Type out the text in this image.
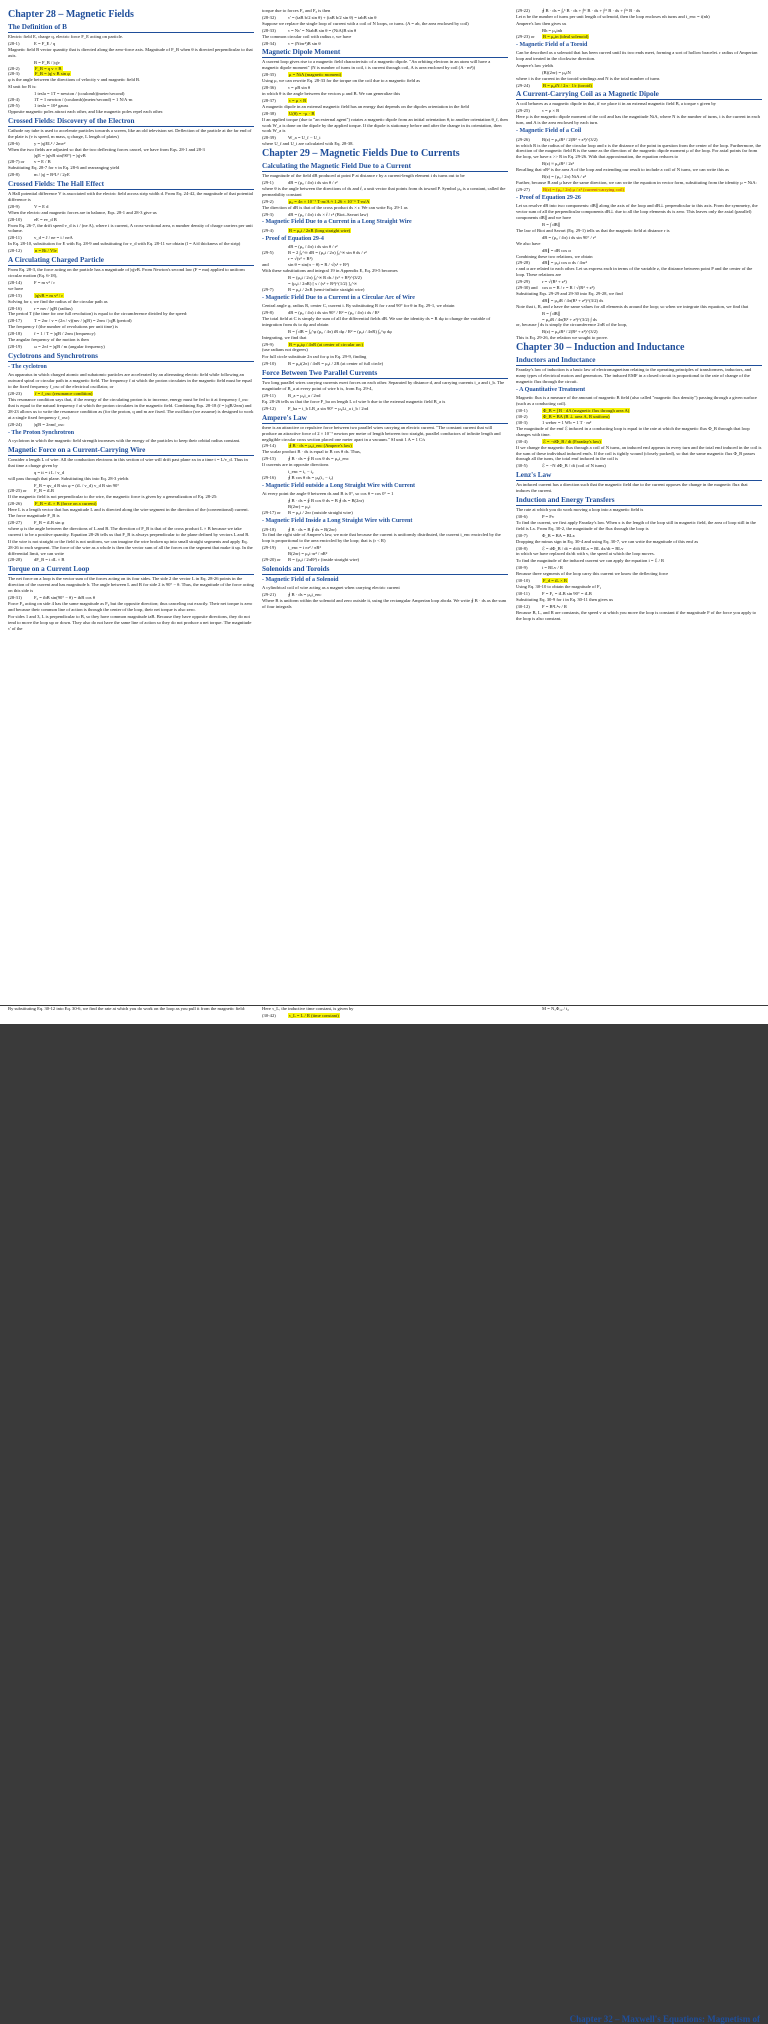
Chapter 28 – Magnetic Fields
The Definition of B
Electric field E, charge q, electric force F_E acting on particle.
(28-1)	E = F_E / q
Magnetic field B vector quantity that is directed along the zero-force axis. Magnitude of F_B when θ is directed perpendicular to that axis.
B = F_B / |q|v
(28-2)	F_B = q v × B
(28-3)	F_B = |q| v B sin φ
φ is the angle between the directions of velocity v and magnetic field B.
SI unit for B is:
1 tesla = 1T = newton / (coulomb)(meter/second)
(28-4)	1T = 1 newton / (coulomb)(meter/second) = 1 N/A·m
(28-5)	1 tesla = 10⁴ gauss
Opposite magnetic poles attract each other, and like magnetic poles repel each other.
Crossed Fields: Discovery of the Electron
Cathode ray tube is used to accelerate particles towards a screen, like an old television set. Deflection of the particle at the far end of the plate is (v is speed, m mass, q charge, L length of plates)
(28-6)	y = |q|EL² / 2mv²
When the two fields are adjusted so that the two deflecting forces cancel, we have from Eqs. 28-1 and 28-3
|q|E = |q|vB sin(90°) = |q|vB
(28-7) or	v = E / B
Substituting Eq. 28-7 for v in Eq. 28-6 and rearranging yield
(28-8)	m / |q| = B²L² / 2yE
Crossed Fields: The Hall Effect
A Hall potential difference V is associated with the electric field across strip width d. From Eq. 24-42, the magnitude of that potential difference is
(28-9)	V = E d
When the electric and magnetic forces are in balance, Eqs. 28-1 and 28-3 give us
(28-10)	eE = ev_d B
From Eq. 26-7, the drift speed v_d is i / (ne A), where i is current, A cross-sectional area, n number density of charge carriers per unit volume.
(28-11)	v_d = J / ne = i / neA
In Eq. 28-10, substitution for E with Eq. 28-9 and substituting for v_d with Eq. 28-11 we obtain (l = A/d thickness of the strip)
(28-12)	n = Bi / Vle
A Circulating Charged Particle
From Eq. 28-3, the force acting on the particle has a magnitude of |q|vB. From Newton's second law (F = ma) applied to uniform circular motion (Eq. 6-18),
(28-14)	F = m v² / r
we have
(28-15)	|q|vB = m v² / r
Solving for r, we find the radius of the circular path as
(28-16)	r = mv / |q|B (radius)
The period T (the time for one full revolution) is equal to the circumference divided by the speed:
(28-17)	T = 2πr / v = (2π / v)(mv / |q|B) = 2πm / |q|B (period)
The frequency f (the number of revolutions per unit time) is
(28-18)	f = 1 / T = |q|B / 2πm (frequency)
The angular frequency of the motion is then
(28-19)	ω = 2πf = |q|B / m (angular frequency)
Cyclotrons and Synchrotrons
- The cyclotron
An apparatus in which charged atomic and subatomic particles are accelerated by an alternating electric field while following an outward spiral or circular path in a magnetic field. The frequency f at which the proton circulates in the magnetic field must be equal to the fixed frequency f_osc of the electrical oscillator, or
(28-23)	f = f_osc (resonance condition)
This resonance condition says that, if the energy of the circulating proton is to increase, energy must be fed to it at frequency f_osc that is equal to the natural frequency f at which the proton circulates in the magnetic field. Combining Eqs. 28-18 (f = |q|B/2πm) and 28-23 allows us to write the resonance condition as (for the proton, q and m are fixed. The oscillator (we assume) is designed to work at a single fixed frequency f_osc)
(28-24)	|q|B = 2πmf_osc
- The Proton Synchrotron
A cyclotron in which the magnetic field strength increases with the energy of the particles to keep their orbital radius constant.
Magnetic Force on a Current-Carrying Wire
Consider a length L of wire. All the conduction electrons in this section of wire will drift past plane xx in a time t = L/v_d. Thus in that time a charge given by
q = it = i L / v_d
will pass through that plane. Substituting this into Eq. 28-3 yields
F_B = qv_d B sin φ = (iL / v_d) v_d B sin 90°
(28-25) or	F_B = iLB
If the magnetic field is not perpendicular to the wire, the magnetic force is given by a generalization of Eq. 28-25:
(28-26)	F_B = iL × B (force on a current)
Here L is a length vector that has magnitude L and is directed along the wire segment in the direction of the (conventional) current. The force magnitude F_B is
(28-27)	F_B = iLB sin φ
where φ is the angle between the directions of L and B. The direction of F_B is that of the cross product L × B because we take current i to be a positive quantity. Equation 28-26 tells us that F_B is always perpendicular to the plane defined by vectors L and B.
If the wire is not straight or the field is not uniform, we can imagine the wire broken up into small straight segments and apply Eq. 28-26 to each segment. The force of the wire as a whole is then the vector sum of all the forces on the segment that make it up. In the differential limit, we can write
(28-28)	dF_B = i dL × B
Torque on a Current Loop
The net force on a loop is the vector sum of the forces acting on its four sides. The side 2 the vector L in Eq. 28-26 points in the direction of the current and has magnitude b. The angle between L and B for side 2 is 90° − θ. Thus, the magnitude of the force acting on this side is
(28-31)	F₂ = ibB sin(90° − θ) = ibB cos θ
Force F₄ acting on side 4 has the same magnitude as F₂ but the opposite direction; thus canceling out exactly. Their net torque is zero and because their common line of action is through the center of the loop, their net torque is also zero.
For sides 1 and 3, L is perpendicular to B, so they have common magnitude iaB. Because they have opposite directions, they do not tend to move the loop up or down. They also do not have the same line of action so they do not produce a net torque. The magnitude τ' of the
torque due to forces F₁ and F₃ is then
(28-32)	τ' = (iaB b/2 sin θ) + (iaB b/2 sin θ) = iabB sin θ
Suppose we replace the single loop of current with a coil of N loops, or turns. (A = ab, the area enclosed by coil)
(28-33)	τ = Nτ' = NiabB sin θ = (NiA)B sin θ
The common circular coil with radius r, we have
(28-34)	τ = (Niπr²)B sin θ
Magnetic Dipole Moment
A current loop gives rise to a magnetic field characteristic of a magnetic dipole. "An orbiting electron in an atom will have a magnetic dipole moment" (N is number of turns in coil, i is current through coil, A is area enclosed by coil (A · m²))
(28-35)	μ = NiA (magnetic moment)
Using μ, we can rewrite Eq. 28-33 for the torque on the coil due to a magnetic field as
(28-36)	τ = μB sin θ
in which θ is the angle between the vectors μ and B. We can generalize this
(28-37)	τ = μ × B
A magnetic dipole in an external magnetic field has an energy that depends on the dipoles orientation in the field
(28-38)	U(θ) = −μ · B
If an applied torque (due to "an external agent") rotates a magnetic dipole from an initial orientation θᵢ to another orientation θ_f, then work W_a is done on the dipole by the applied torque. If the dipole is stationary before and after the change in its orientation, then work W_a is
(28-39)	W_a = U_f − U_i
where U_f and U_i are calculated with Eq. 28-38.
Chapter 29 – Magnetic Fields Due to Currents
Calculating the Magnetic Field Due to a Current
The magnitude of the field dB produced at point P at distance r by a current-length element i ds turns out to be
(29-1)	dB = (μ₀ / 4π) i ds sin θ / r²
where θ is the angle between the directions of ds and r̂, a unit vector that points from ds toward P. Symbol μ₀ is a constant, called the permeability constant
(29-2)	μ₀ = 4π × 10⁻⁷ T·m/A ≈ 1.26 × 10⁻⁶ T·m/A
The direction of dB is that of the cross product ds × r. We can write Eq. 29-1 as
(29-3)	dB = (μ₀ / 4π) i ds × r̂ / r² (Biot–Savart law)
- Magnetic Field Due to a Current in a Long Straight Wire
(29-4)	B = μ₀i / 2πR (long straight wire)
- Proof of Equation 29-4
dB = (μ₀ / 4π) i ds sin θ / r²
(29-5)	B = 2 ∫₀^∞ dB = (μ₀i / 2π) ∫₀^∞ sin θ ds / r²
r = √(s² + R²)
and	sin θ = sin(π − θ) = R / √(s² + R²)
With these substitutions and integral 19 in Appendix E, Eq. 29-5 becomes
B = (μ₀i / 2π) ∫₀^∞ R ds / (s² + R²)^(3/2)
= (μ₀i / 2πR) [ s / (s² + R²)^(1/2) ]₀^∞
(29-7)	B = μ₀i / 2πR (semi-infinite straight wire)
- Magnetic Field Due to a Current in a Circular Arc of Wire
Central angle φ, radius R, center C, current i. By substituting R for r and 90° for θ in Eq. 29-1, we obtain
(29-8)	dB = (μ₀ / 4π) i ds sin 90° / R² = (μ₀ / 4π) i ds / R²
The total field at C is simply the sum of all the differential fields dB. We use the identity ds = R dφ to change the variable of integration from ds to dφ and obtain
B = ∫ dB = ∫₀^φ (μ₀ / 4π) iR dφ / R² = (μ₀i / 4πR) ∫₀^φ dφ
Integrating, we find that
(29-9)	B = μ₀iφ / 4πR (at center of circular arc)
(use radians not degrees)
For full circle substitute 2π rad for φ in Eq. 29-9, finding
(29-10)	B = μ₀i(2π) / 4πR = μ₀i / 2R (at center of full circle)
Force Between Two Parallel Currents
Two long parallel wires carrying currents exert forces on each other. Separated by distance d, and carrying currents i_a and i_b. The magnitude of B_a at every point of wire b is, from Eq. 29-4,
(29-11)	B_a = μ₀i_a / 2πd
Eq. 28-26 tells us that the force F_ba on length L of wire b due to the external magnetic field B_a is
(29-12)	F_ba = i_b LB_a sin 90° = μ₀Li_a i_b / 2πd
Ampere's Law
there is an attractive or repulsive force between two parallel wires carrying an electric current. "The constant current that will produce an attractive force of 2 × 10⁻⁷ newton per metre of length between two straight, parallel conductors of infinite length and negligible circular cross section placed one meter apart in a vacuum." SI unit 1 A = 1 C/s
(29-14)	∮ B · ds = μ₀i_enc (Ampere's law)
The scalar product B · ds is equal to B cos θ ds. Thus,
(29-15)	∮ B · ds = ∮ B cos θ ds = μ₀i_enc
If currents are in opposite directions
i_enc = i₁ − i₂
(29-16)	∮ B cos θ ds = μ₀(i₁ − i₂)
- Magnetic Field outside a Long Straight Wire with Current
At every point the angle θ between ds and B is 0°, so cos θ = cos 0° = 1
∮ B · ds = ∮ B cos θ ds = B ∮ ds = B(2πr)
B(2πr) = μ₀i
(29-17) or	B = μ₀i / 2πr (outside straight wire)
- Magnetic Field Inside a Long Straight Wire with Current
(29-18)	∮ B · ds = B ∮ ds = B(2πr)
To find the right side of Ampere's law, we note that because the current is uniformly distributed, the current i_enc encircled by the loop is proportional to the area encircled by the loop; that is (r < R)
(29-19)	i_enc = i πr² / πR²
B(2πr) = μ₀i πr² / πR²
(29-20) or	B = (μ₀i / 2πR²) r (inside straight wire)
Solenoids and Toroids
- Magnetic Field of a Solenoid
A cylindrical coil of wire acting as a magnet when carrying electric current
(29-21)	∮ B · ds = μ₀i_enc
Where B is uniform within the solenoid and zero outside it, using the rectangular Amperian loop abcda. We write ∮ B · ds as the sum of four integrals
(29-22)	∮ B · ds = ∫ₐᵇ B · ds + ∫ᵇᶜ B · ds + ∫ᶜᵈ B · ds + ∫ᵈᵃ B · ds
Let n be the number of turns per unit length of solenoid, then the loop encloses nh turns and i_enc = i(nh)
Ampere's law then gives us
Bh = μ₀inh
(29-23) or	B = μ₀in (ideal solenoid)
- Magnetic Field of a Toroid
Can be described as a solenoid that has been curved until its two ends meet, forming a sort of hollow bracelet. r radius of Amperian loop and treated in the clockwise direction.
Ampere's law yields
(B)(2πr) = μ₀iN
where i is the current in the toroid windings and N is the total number of turns
(29-24)	B = μ₀iN / 2π · 1/r (toroid)
A Current-Carrying Coil as a Magnetic Dipole
A coil behaves as a magnetic dipole in that, if we place it in an external magnetic field B, a torque τ given by
(29-25)	τ = μ × B
Here μ is the magnetic dipole moment of the coil and has the magnitude NiA, where N is the number of turns, i is the current in each turn, and A is the area enclosed by each turn.
- Magnetic Field of a Coil
(29-26)	B(z) = μ₀iR² / 2(R² + z²)^(3/2)
in which R is the radius of the circular loop and z is the distance of the point in question from the center of the loop. Furthermore, the direction of the magnetic field B is the same as the direction of the magnetic dipole moment μ of the loop. For axial points far from the loop, we have z >> R in Eq. 29-26. With that approximation, the equation reduces to
B(z) ≈ μ₀iR² / 2z³
Recalling that πR² is the area A of the loop and extending our result to include a coil of N turns, we can write this as
B(z) = (μ₀ / 2π) NiA / z³
Further, because B and μ have the same direction, we can write the equation in vector form, substituting from the identity μ = NiA:
(29-27)	B(z) = (μ₀ / 2π) μ / z³ (current-carrying coil)
- Proof of Equation 29-26
Let us resolve dB into two components: dB∥ along the axis of the loop and dB⊥ perpendicular to this axis. From the symmetry, the vector sum of all the perpendicular components dB⊥ due to all the loop elements ds is zero. This leaves only the axial (parallel) components dB∥ and we have
B = ∫ dB∥
The law of Biot and Savart (Eq. 29-1) tells us that the magnetic field at distance r is
dB = (μ₀ / 4π) i ds sin 90° / r²
We also have
dB∥ = dB cos α
Combining these two relations, we obtain
(29-28)	dB∥ = μ₀i cos α ds / 4πr²
r and α are related to each other. Let us express each in terms of the variable z, the distance between point P and the center of the loop. These relations are
(29-29)	r = √(R² + z²)
(29-30) and cos α = R / r = R / √(R² + z²)
Substituting Eqs. 29-29 and 29-30 into Eq. 29-28, we find
dB∥ = μ₀iR / 4π(R² + z²)^(3/2) ds
Note that i, R, and z have the same values for all elements ds around the loop; so when we integrate this equation, we find that
B = ∫ dB∥
= μ₀iR / 4π(R² + z²)^(3/2) ∫ ds
or, because ∫ ds is simply the circumference 2πR of the loop,
B(z) = μ₀iR² / 2(R² + z²)^(3/2)
This is Eq. 29-26, the relation we sought to prove.
Chapter 30 – Induction and Inductance
Inductors and Inductance
Faraday's law of induction is a basic law of electromagnetism relating to the operating principles of transformers, inductors, and many types of electrical motors and generators. The induced EMF in a closed circuit is proportional to the rate of change of the magnetic flux through the circuit.
- A Quantitative Treatment
Magnetic flux is a measure of the amount of magnetic B field (also called "magnetic flux density") passing through a given surface (such as a conducting coil).
(30-1)	Φ_B = ∫ B · dA (magnetic flux through area A)
(30-2)	Φ_B = BA (B ⊥ area A, B uniform)
(30-3)	1 weber = 1 Wb = 1 T · m²
The magnitude of the emf ℰ induced in a conducting loop is equal to the rate at which the magnetic flux Φ_B through that loop changes with time.
(30-4)	ℰ = −dΦ_B / dt (Faraday's law)
If we change the magnetic flux through a coil of N turns, an induced emf appears in every turn and the total emf induced in the coil is the sum of these individual induced emfs. If the coil is tightly wound (closely packed), so that the same magnetic flux Φ_B passes through all the turns, the total emf induced in the coil is
(30-5)	ℰ = −N dΦ_B / dt (coil of N turns)
Lenz's Law
An induced current has a direction such that the magnetic field due to the current opposes the change in the magnetic flux that induces the current.
Induction and Energy Transfers
The rate at which you do work moving a loop into a magnetic field is
(30-6)	P = Fv
To find the current, we first apply Faraday's law. When x is the length of the loop still in magnetic field, the area of loop still in the field is Lx. From Eq. 30-2, the magnitude of the flux through the loop is
(30-7)	Φ_B = BA = BLx
Dropping the minus sign in Eq. 30-4 and using Eq. 30-7, we can write the magnitude of this emf as
(30-8)	ℰ = dΦ_B / dt = d/dt BLx = BL dx/dt = BLv
in which we have replaced dx/dt with v, the speed at which the loop moves.
To find the magnitude of the induced current we can apply the equation i = ℰ / R
(30-9)	i = BLv / R
Because three segments of the loop carry this current we know the deflecting force
(30-10)	F_d = iL × B
Using Eq. 30-10 to obtain the magnitude of F₁
(30-11)	F = F₁ = iLB sin 90° = iLB
Substituting Eq. 30-9 for i in Eq. 30-11 then gives us
(30-12)	F = B²L²v / R
Because B, L, and R are constants, the speed v at which you move the loop is constant if the magnitude F of the force you apply to the loop is also constant.
By substituting Eq. 30-12 into Eq. 30-6, we find the rate at which you do work on the loop as you pull it from the magnetic field:	Here τ_L, the inductive time constant, is given by
(30-42)	τ_L = L / R (time constant)
M = N₁Φ₁₂ / i₂
Chapter 32 – Maxwell's Equations: Magnetism of
